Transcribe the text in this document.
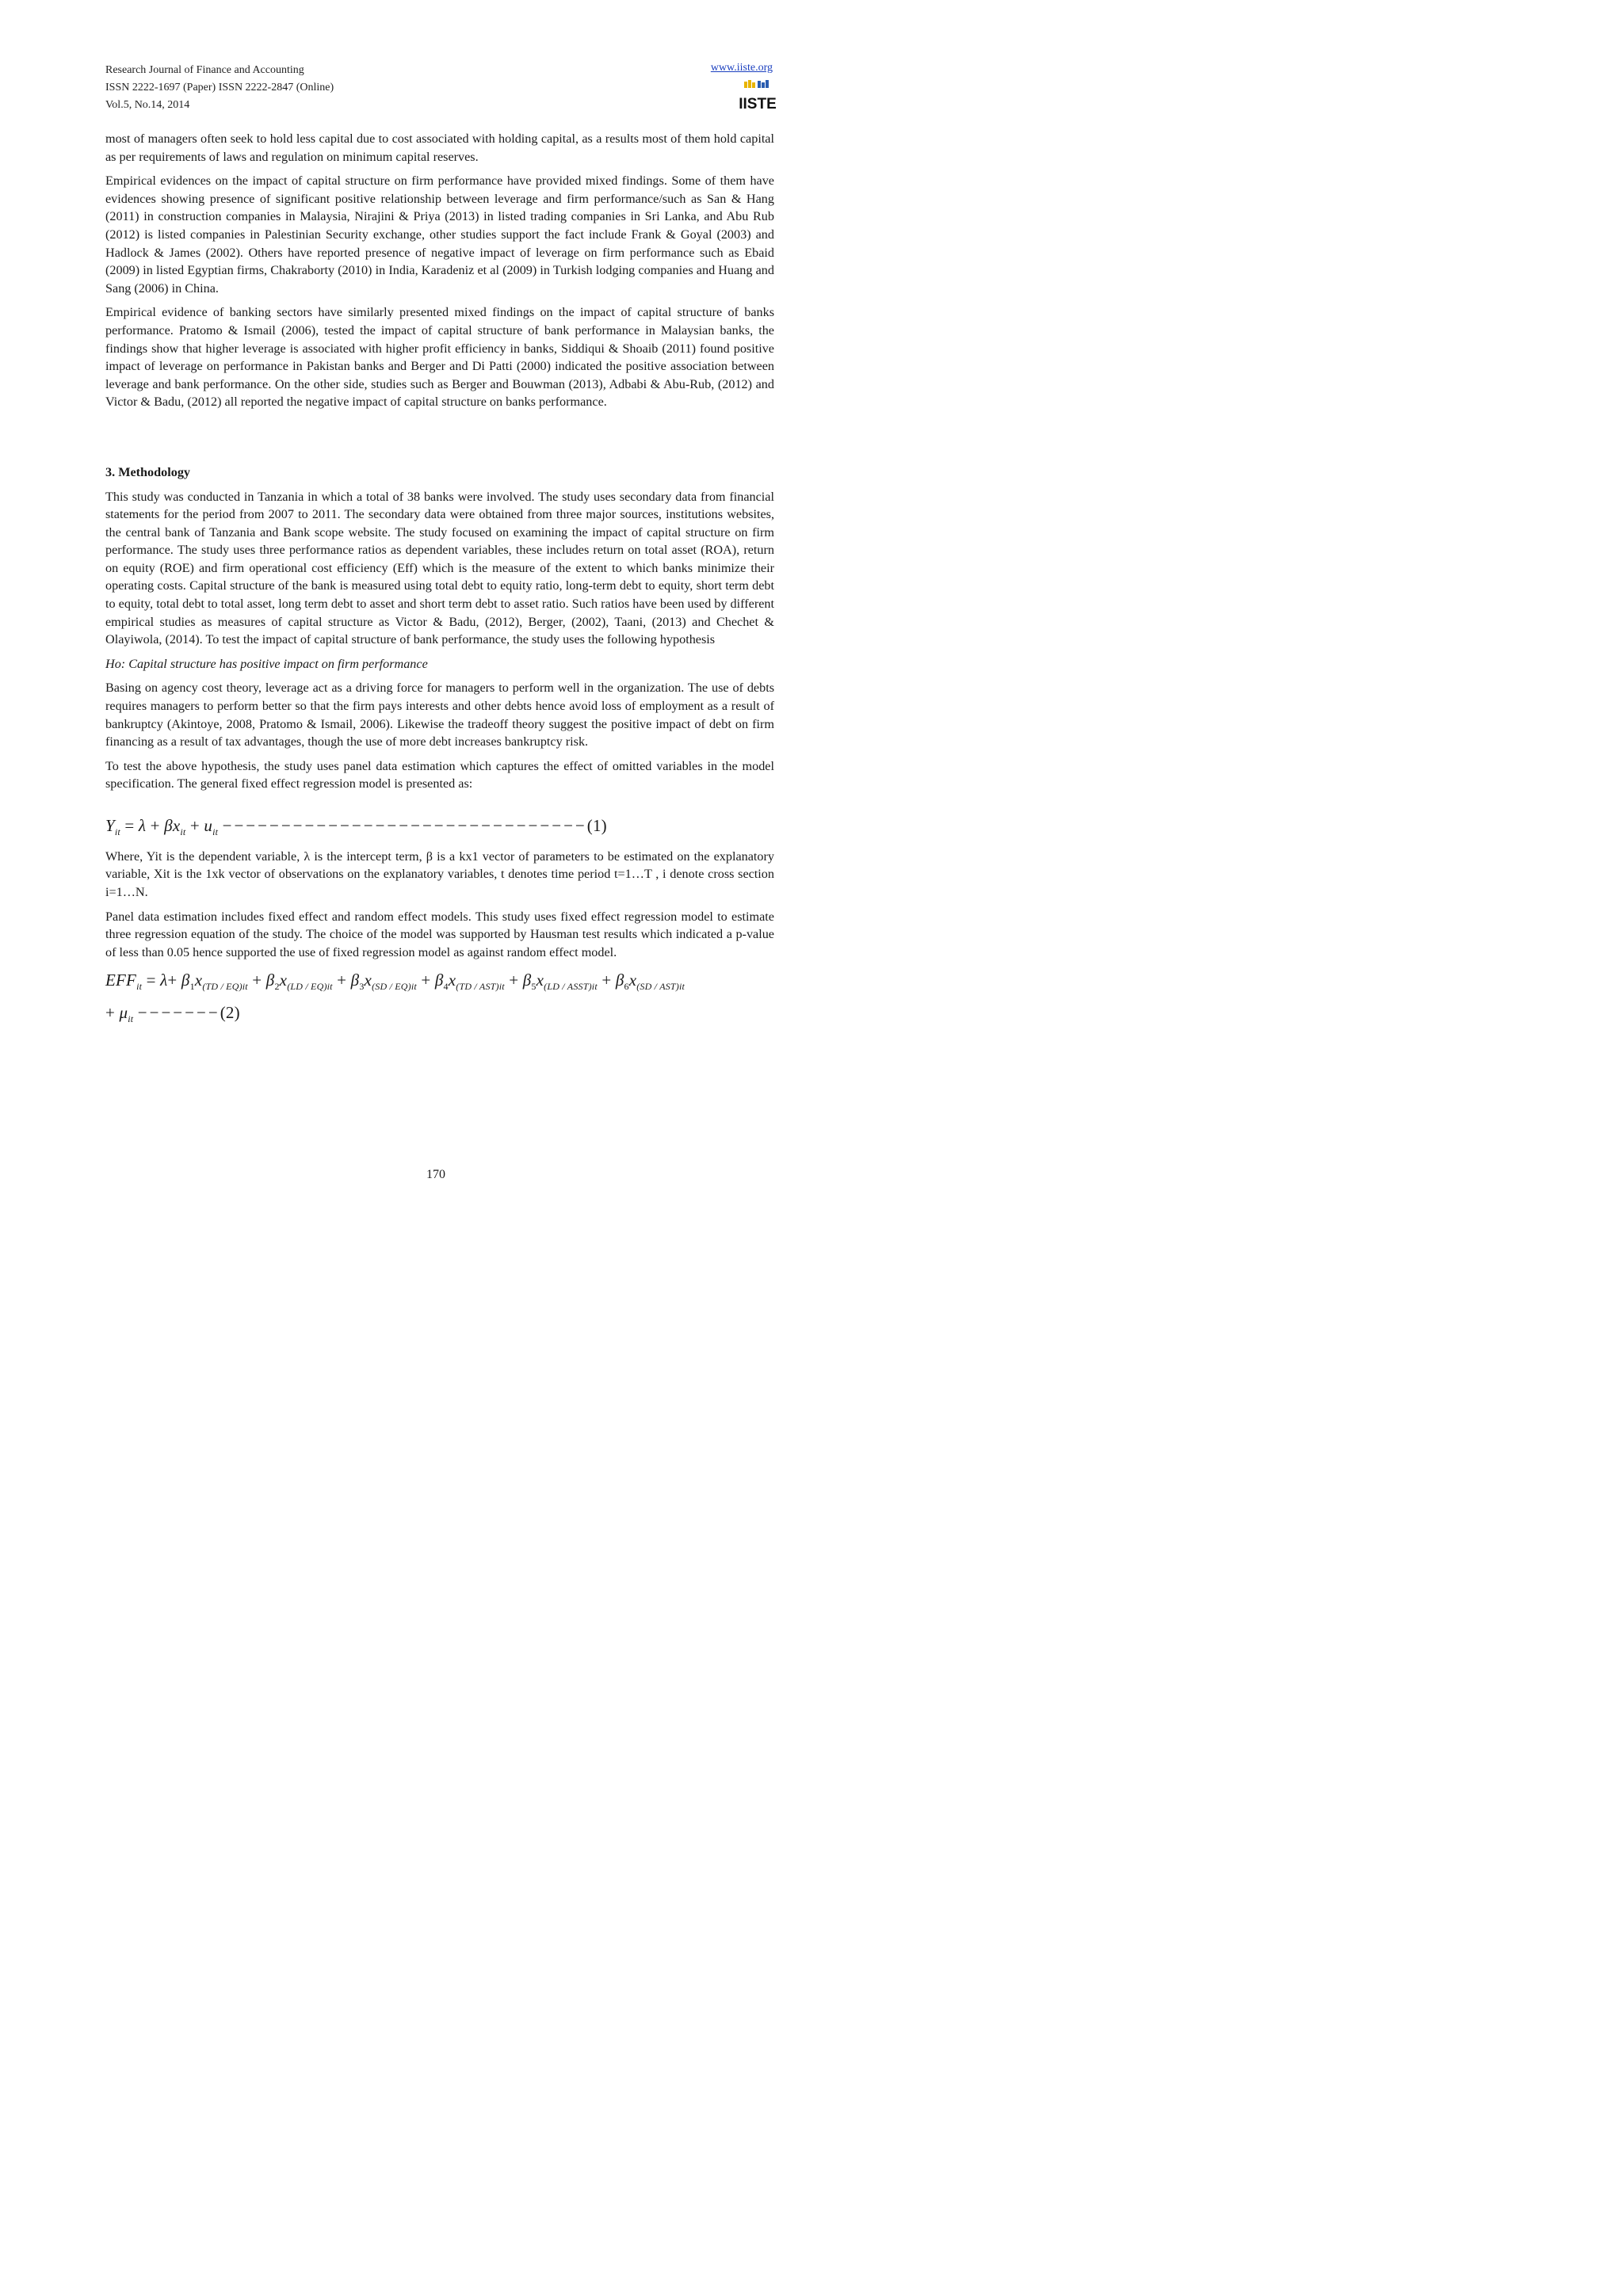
Research Journal of Finance and Accounting
ISSN 2222-1697 (Paper) ISSN 2222-2847 (Online)
Vol.5, No.14, 2014
www.iiste.org
IISTE

most of managers often seek to hold less capital due to cost associated with holding capital, as a results most of them hold capital as per requirements of laws and regulation on minimum capital reserves.

Empirical evidences on the impact of capital structure on firm performance have provided mixed findings. Some of them have evidences showing presence of significant positive relationship between leverage and firm performance/such as San & Hang (2011) in construction companies in Malaysia, Nirajini & Priya (2013) in listed trading companies in Sri Lanka, and Abu Rub (2012) is listed companies in Palestinian Security exchange, other studies support the fact include Frank & Goyal (2003) and Hadlock & James (2002). Others have reported presence of negative impact of leverage on firm performance such as Ebaid (2009) in listed Egyptian firms, Chakraborty (2010) in India, Karadeniz et al (2009) in Turkish lodging companies and Huang and Sang (2006) in China.

Empirical evidence of banking sectors have similarly presented mixed findings on the impact of capital structure of banks performance. Pratomo & Ismail (2006), tested the impact of capital structure of bank performance in Malaysian banks, the findings show that higher leverage is associated with higher profit efficiency in banks, Siddiqui & Shoaib (2011) found positive impact of leverage on performance in Pakistan banks and Berger and Di Patti (2000) indicated the positive association between leverage and bank performance. On the other side, studies such as Berger and Bouwman (2013), Adbabi & Abu-Rub, (2012) and Victor & Badu, (2012) all reported the negative impact of capital structure on banks performance.

3. Methodology

This study was conducted in Tanzania in which a total of 38 banks were involved. The study uses secondary data from financial statements for the period from 2007 to 2011. The secondary data were obtained from three major sources, institutions websites, the central bank of Tanzania and Bank scope website. The study focused on examining the impact of capital structure on firm performance. The study uses three performance ratios as dependent variables, these includes return on total asset (ROA), return on equity (ROE) and firm operational cost efficiency (Eff) which is the measure of the extent to which banks minimize their operating costs. Capital structure of the bank is measured using total debt to equity ratio, long-term debt to equity, short term debt to equity, total debt to total asset, long term debt to asset and short term debt to asset ratio. Such ratios have been used by different empirical studies as measures of capital structure as Victor & Badu, (2012), Berger, (2002), Taani, (2013) and Chechet & Olayiwola, (2014). To test the impact of capital structure of bank performance, the study uses the following hypothesis

Ho: Capital structure has positive impact on firm performance

Basing on agency cost theory, leverage act as a driving force for managers to perform well in the organization. The use of debts requires managers to perform better so that the firm pays interests and other debts hence avoid loss of employment as a result of bankruptcy (Akintoye, 2008, Pratomo & Ismail, 2006). Likewise the tradeoff theory suggest the positive impact of debt on firm financing as a result of tax advantages, though the use of more debt increases bankruptcy risk.

To test the above hypothesis, the study uses panel data estimation which captures the effect of omitted variables in the model specification. The general fixed effect regression model is presented as:

$Y_{it} = \lambda + \beta x_{it} + u_{it} -------------------------------(1)$

Where, Yit is the dependent variable, λ is the intercept term, β is a kx1 vector of parameters to be estimated on the explanatory variable, Xit is the 1xk vector of observations on the explanatory variables, t denotes time period t=1…T , i denote cross section i=1…N.

Panel data estimation includes fixed effect and random effect models. This study uses fixed effect regression model to estimate three regression equation of the study. The choice of the model was supported by Hausman test results which indicated a p-value of less than 0.05 hence supported the use of fixed regression model as against random effect model.

$EFF_{it} = \lambda+ \beta_1x_{(TD / EQ)it} + \beta_2x_{(LD / EQ)it} + \beta_3x_{(SD / EQ)it} + \beta_4x_{(TD / AST)it} + \beta_5x_{(LD / ASST)it} + \beta_6x_{(SD / AST)it}$
+ $\mu_{it} -------(2)$
170
